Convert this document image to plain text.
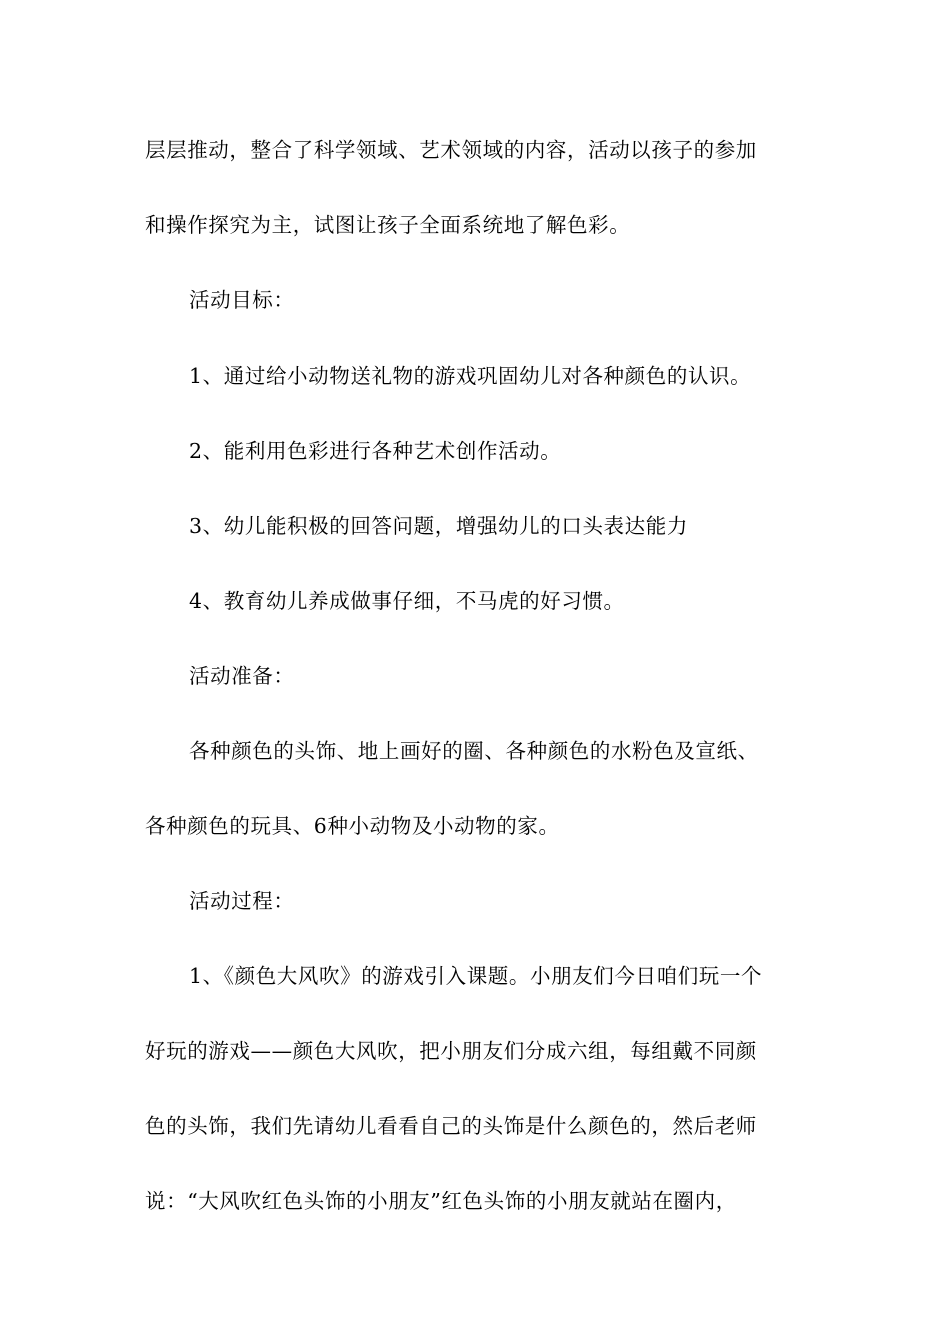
层层推动，整合了科学领域、艺术领域的内容，活动以孩子的参加
和操作探究为主，试图让孩子全面系统地了解色彩。
活动目标：
1、通过给小动物送礼物的游戏巩固幼儿对各种颜色的认识。
2、能利用色彩进行各种艺术创作活动。
3、幼儿能积极的回答问题，增强幼儿的口头表达能力
4、教育幼儿养成做事仔细，不马虎的好习惯。
活动准备：
各种颜色的头饰、地上画好的圈、各种颜色的水粉色及宣纸、
各种颜色的玩具、6种小动物及小动物的家。
活动过程：
1、《颜色大风吹》的游戏引入课题。小朋友们今日咱们玩一个
好玩的游戏——颜色大风吹，把小朋友们分成六组，每组戴不同颜
色的头饰，我们先请幼儿看看自己的头饰是什么颜色的，然后老师
说：“大风吹红色头饰的小朋友”红色头饰的小朋友就站在圈内，
